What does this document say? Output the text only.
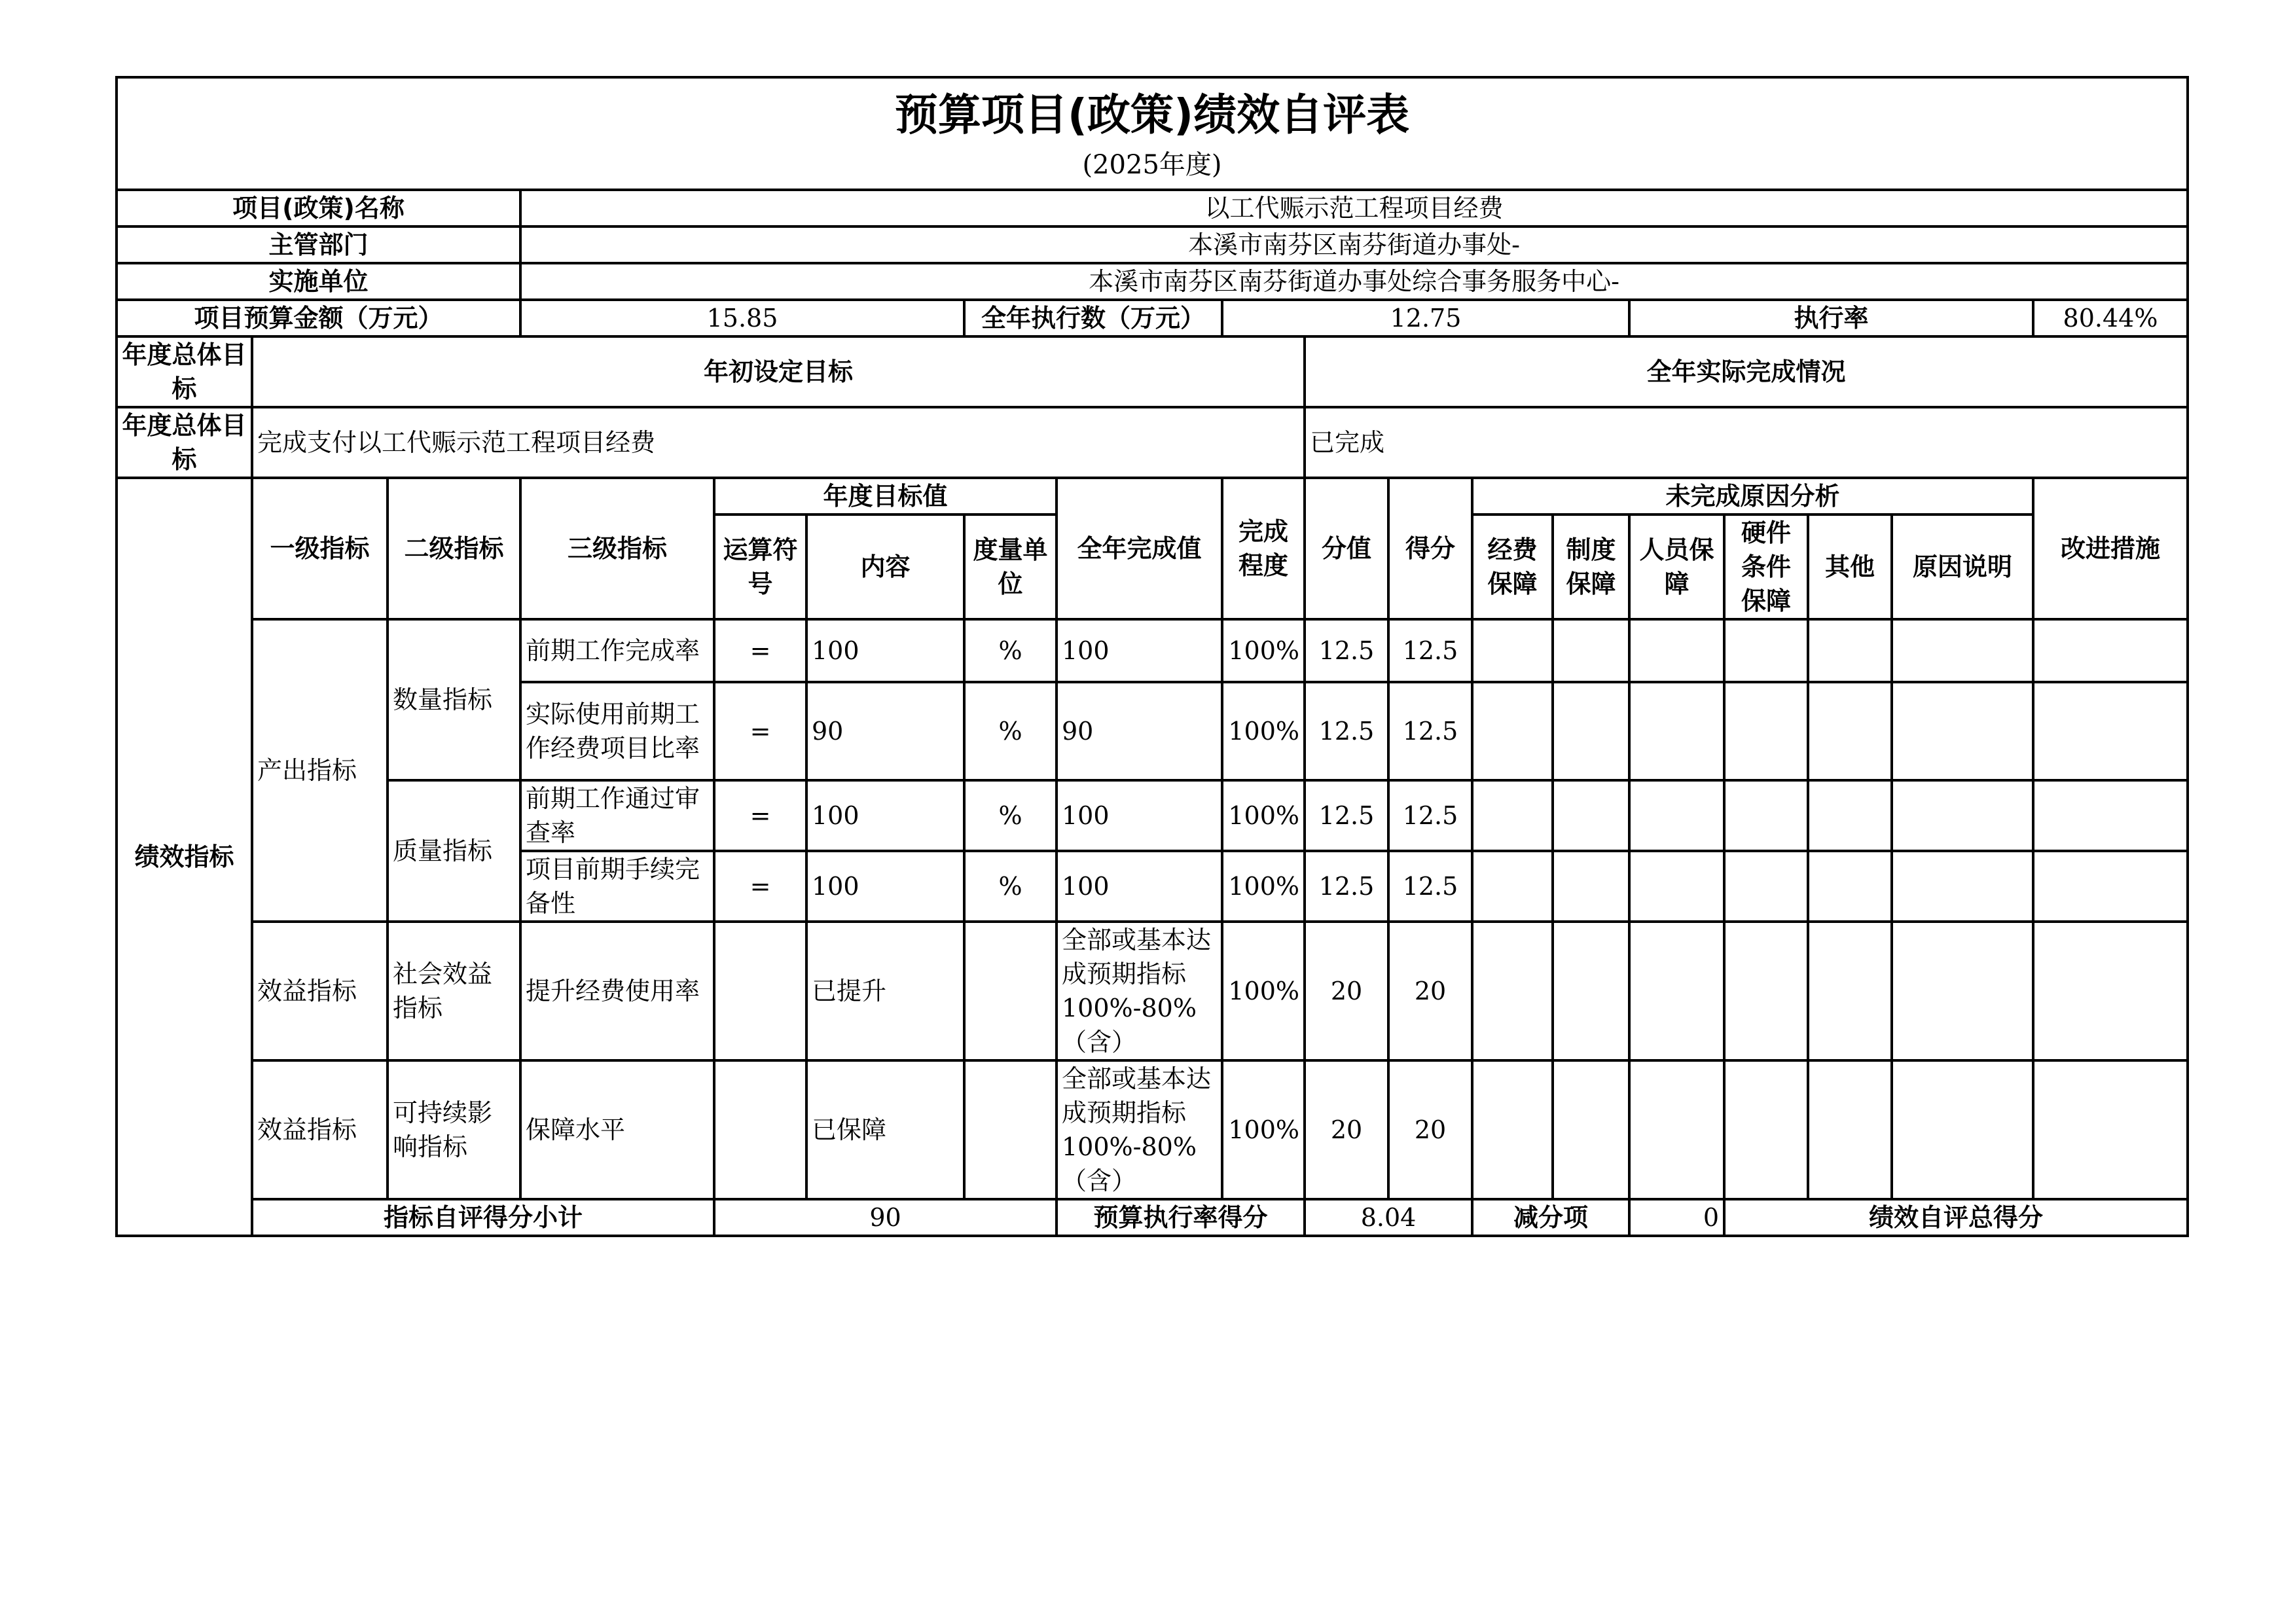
预算项目(政策)绩效自评表
(2025年度)																		

项目(政策)名称			以工代赈示范工程项目经费															
主管部门			本溪市南芬区南芬街道办事处-															
实施单位			本溪市南芬区南芬街道办事处综合事务服务中心-															
项目预算金额（万元）			15.85			全年执行数（万元）		12.75					执行率				80.44%	
年度总体目标	年初设定目标								全年实际完成情况									
年度总体目标	完成支付以工代赈示范工程项目经费								已完成									
绩效指标	一级指标	二级指标	三级指标	年度目标值			全年完成值	完成程度	分值	得分	未完成原因分析						改进措施	
				运算符号	内容	度量单位					经费保障	制度保障	人员保障	硬件条件保障	其他	原因说明		
	产出指标	数量指标	前期工作完成率	=	100	%	100	100%	12.5	12.5								
			实际使用前期工作经费项目比率	=	90	%	90	100%	12.5	12.5								
		质量指标	前期工作通过审查率	=	100	%	100	100%	12.5	12.5								
			项目前期手续完备性	=	100	%	100	100%	12.5	12.5								
	效益指标	社会效益指标	提升经费使用率		已提升		全部或基本达成预期指标100%-80%（含）	100%	20	20								
	效益指标	可持续影响指标	保障水平		已保障		全部或基本达成预期指标100%-80%（含）	100%	20	20								
	指标自评得分小计			90			预算执行率得分		8.04		减分项		0	绩效自评总得分	
